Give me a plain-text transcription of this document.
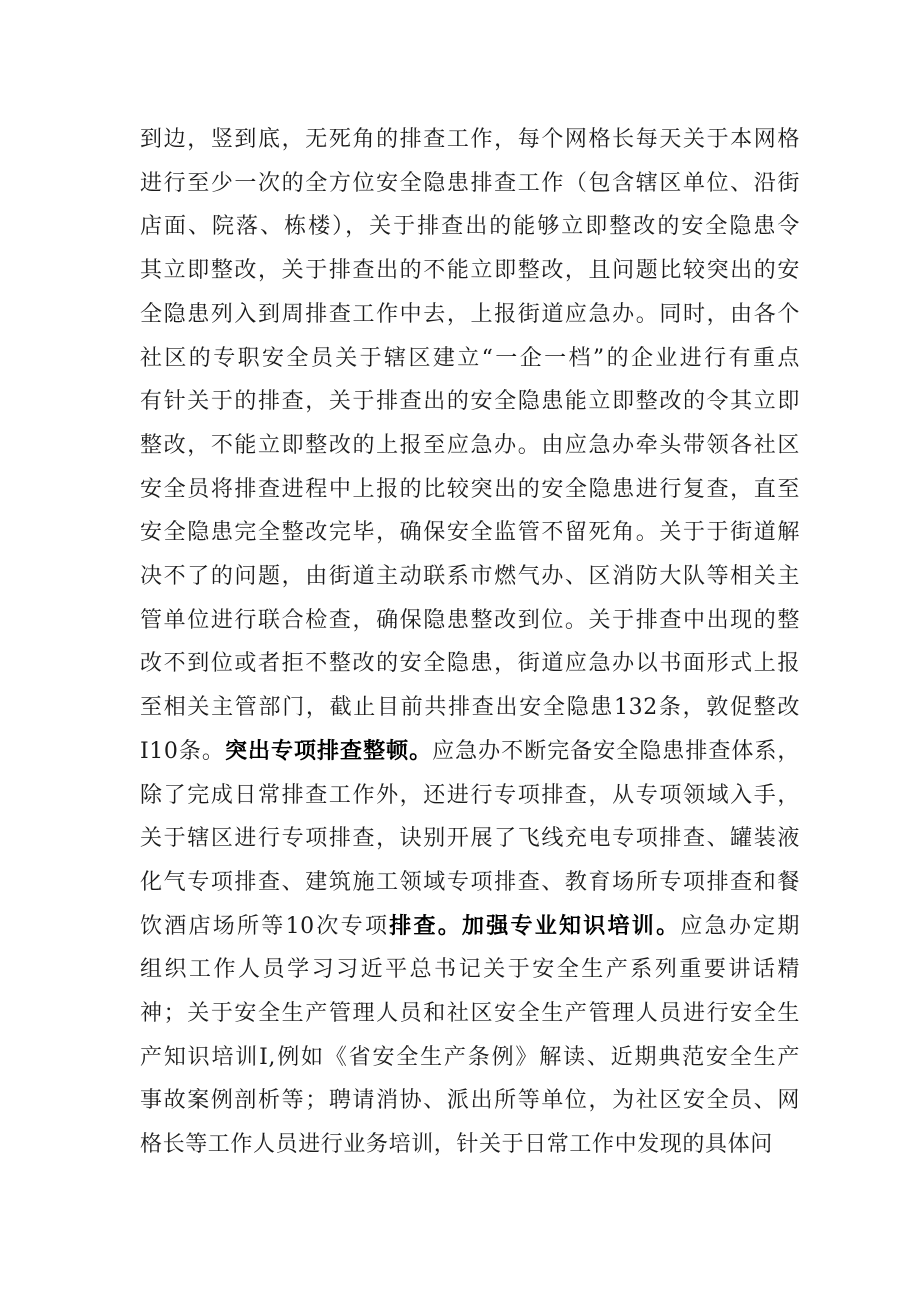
到边，竖到底，无死角的排查工作，每个网格长每天关于本网格
进行至少一次的全方位安全隐患排查工作（包含辖区单位、沿街
店面、院落、栋楼），关于排查出的能够立即整改的安全隐患令
其立即整改，关于排查出的不能立即整改，且问题比较突出的安
全隐患列入到周排查工作中去，上报街道应急办。同时，由各个
社区的专职安全员关于辖区建立“一企一档”的企业进行有重点
有针关于的排查，关于排查出的安全隐患能立即整改的令其立即
整改，不能立即整改的上报至应急办。由应急办牵头带领各社区
安全员将排查进程中上报的比较突出的安全隐患进行复查，直至
安全隐患完全整改完毕，确保安全监管不留死角。关于于街道解
决不了的问题，由街道主动联系市燃气办、区消防大队等相关主
管单位进行联合检查，确保隐患整改到位。关于排查中出现的整
改不到位或者拒不整改的安全隐患，街道应急办以书面形式上报
至相关主管部门，截止目前共排查出安全隐患132条，敦促整改
I10条。突出专项排查整顿。应急办不断完备安全隐患排查体系，
除了完成日常排查工作外，还进行专项排查，从专项领域入手，
关于辖区进行专项排查，诀别开展了飞线充电专项排查、罐装液
化气专项排查、建筑施工领域专项排查、教育场所专项排查和餐
饮酒店场所等10次专项排查。加强专业知识培训。应急办定期
组织工作人员学习习近平总书记关于安全生产系列重要讲话精
神；关于安全生产管理人员和社区安全生产管理人员进行安全生
产知识培训I,例如《省安全生产条例》解读、近期典范安全生产
事故案例剖析等；聘请消协、派出所等单位，为社区安全员、网
格长等工作人员进行业务培训，针关于日常工作中发现的具体问
